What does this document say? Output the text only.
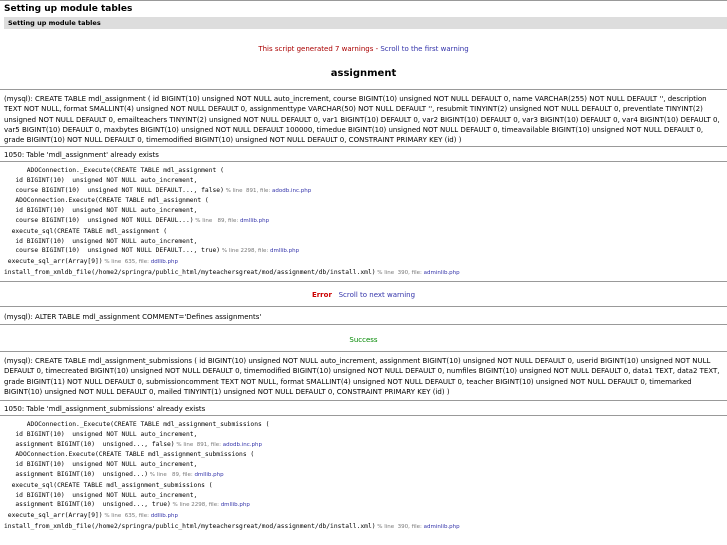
Setting up module tables
Setting up module tables
This script generated 7 warnings - Scroll to the first warning
assignment
(mysql): CREATE TABLE mdl_assignment ( id BIGINT(10) unsigned NOT NULL auto_increment, course BIGINT(10) unsigned NOT NULL DEFAULT 0, name VARCHAR(255) NOT NULL DEFAULT '', description TEXT NOT NULL, format SMALLINT(4) unsigned NOT NULL DEFAULT 0, assignmenttype VARCHAR(50) NOT NULL DEFAULT '', resubmit TINYINT(2) unsigned NOT NULL DEFAULT 0, preventlate TINYINT(2) unsigned NOT NULL DEFAULT 0, emailteachers TINYINT(2) unsigned NOT NULL DEFAULT 0, var1 BIGINT(10) DEFAULT 0, var2 BIGINT(10) DEFAULT 0, var3 BIGINT(10) DEFAULT 0, var4 BIGINT(10) DEFAULT 0, var5 BIGINT(10) DEFAULT 0, maxbytes BIGINT(10) unsigned NOT NULL DEFAULT 100000, timedue BIGINT(10) unsigned NOT NULL DEFAULT 0, timeavailable BIGINT(10) unsigned NOT NULL DEFAULT 0, grade BIGINT(10) NOT NULL DEFAULT 0, timemodified BIGINT(10) unsigned NOT NULL DEFAULT 0, CONSTRAINT PRIMARY KEY (id) )
1050: Table 'mdl_assignment' already exists
ADOConnection._Execute(CREATE TABLE mdl_assignment (
id BIGINT(10)  unsigned NOT NULL auto_increment,
course BIGINT(10)  unsigned NOT NULL DEFAULT..., false) % line  891, file: adodb.inc.php
ADOConnection.Execute(CREATE TABLE mdl_assignment (
id BIGINT(10)  unsigned NOT NULL auto_increment,
course BIGINT(10)  unsigned NOT NULL DEFAUL...) % line   89, file: dmllib.php
execute_sql(CREATE TABLE mdl_assignment (
id BIGINT(10)  unsigned NOT NULL auto_increment,
course BIGINT(10)  unsigned NOT NULL DEFAULT..., true) % line 2298, file: dmllib.php
execute_sql_arr(Array[9]) % line  635, file: ddllib.php
install_from_xmldb_file(/home2/springra/public_html/myteachersgreat/mod/assignment/db/install.xml) % line  390, file: adminlib.php
Error Scroll to next warning
(mysql): ALTER TABLE mdl_assignment COMMENT='Defines assignments'
Success
(mysql): CREATE TABLE mdl_assignment_submissions ( id BIGINT(10) unsigned NOT NULL auto_increment, assignment BIGINT(10) unsigned NOT NULL DEFAULT 0, userid BIGINT(10) unsigned NOT NULL DEFAULT 0, timecreated BIGINT(10) unsigned NOT NULL DEFAULT 0, timemodified BIGINT(10) unsigned NOT NULL DEFAULT 0, numfiles BIGINT(10) unsigned NOT NULL DEFAULT 0, data1 TEXT, data2 TEXT, grade BIGINT(11) NOT NULL DEFAULT 0, submissioncomment TEXT NOT NULL, format SMALLINT(4) unsigned NOT NULL DEFAULT 0, teacher BIGINT(10) unsigned NOT NULL DEFAULT 0, timemarked BIGINT(10) unsigned NOT NULL DEFAULT 0, mailed TINYINT(1) unsigned NOT NULL DEFAULT 0, CONSTRAINT PRIMARY KEY (id) )
1050: Table 'mdl_assignment_submissions' already exists
ADOConnection._Execute(CREATE TABLE mdl_assignment_submissions (
id BIGINT(10)  unsigned NOT NULL auto_increment,
assignment BIGINT(10)  unsigned..., false) % line  891, file: adodb.inc.php
ADOConnection.Execute(CREATE TABLE mdl_assignment_submissions (
id BIGINT(10)  unsigned NOT NULL auto_increment,
assignment BIGINT(10)  unsigned...) % line   89, file: dmllib.php
execute_sql(CREATE TABLE mdl_assignment_submissions (
id BIGINT(10)  unsigned NOT NULL auto_increment,
assignment BIGINT(10)  unsigned..., true) % line 2298, file: dmllib.php
execute_sql_arr(Array[9]) % line  635, file: ddllib.php
install_from_xmldb_file(/home2/springra/public_html/myteachersgreat/mod/assignment/db/install.xml) % line  390, file: adminlib.php
